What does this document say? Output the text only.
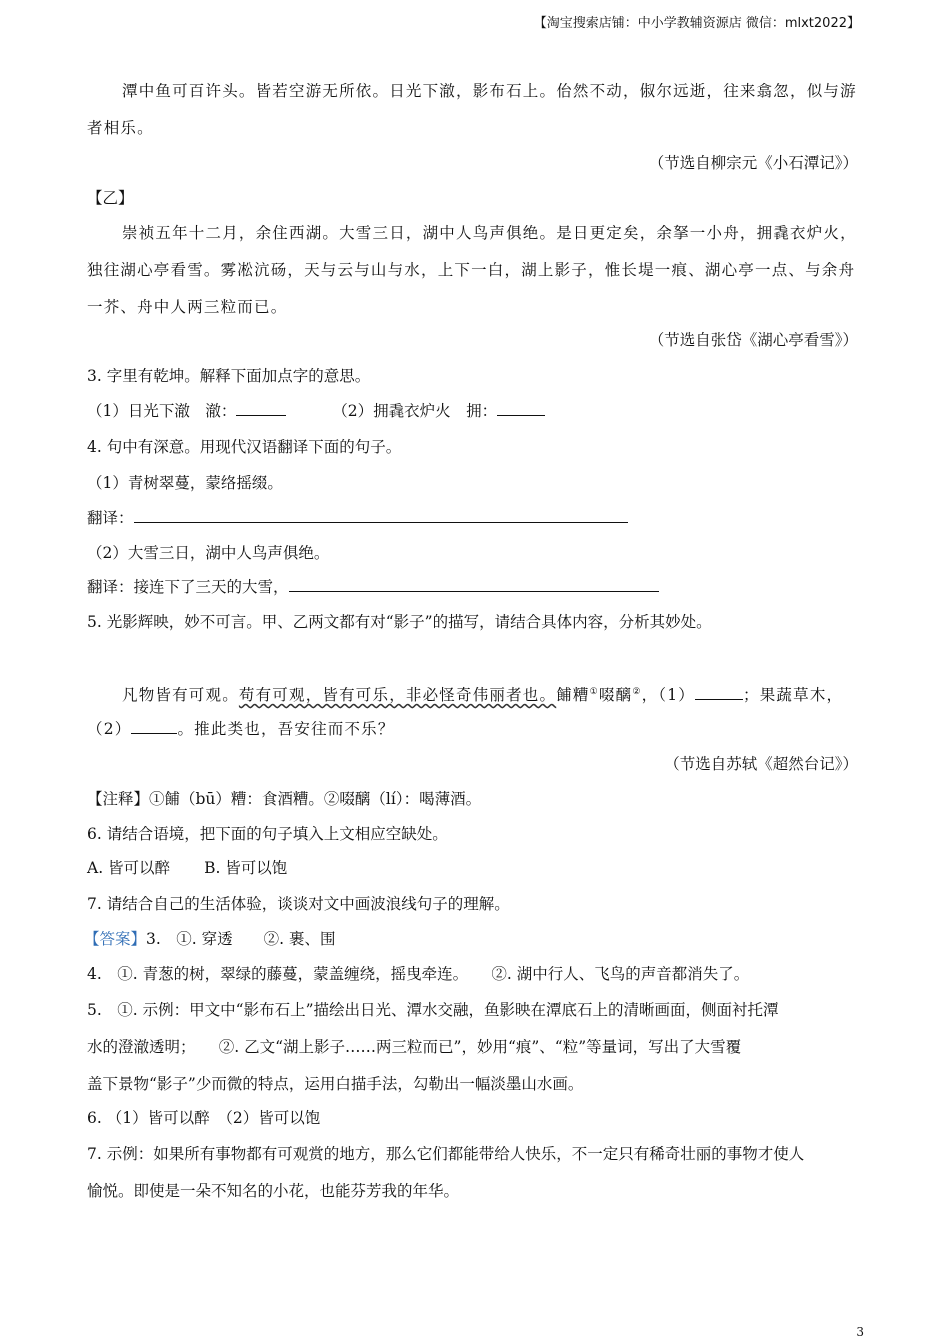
【淘宝搜索店铺：中小学教辅资源店 微信：mlxt2022】
潭中鱼可百许头。皆若空游无所依。日光下澈，影布石上。佁然不动，俶尔远逝，往来翕忽，似与游
者相乐。
（节选自柳宗元《小石潭记》）
【乙】
崇祯五年十二月，余住西湖。大雪三日，湖中人鸟声俱绝。是日更定矣，余拏一小舟，拥毳衣炉火，
独往湖心亭看雪。雾凇沆砀，天与云与山与水，上下一白，湖上影子，惟长堤一痕、湖心亭一点、与余舟
一芥、舟中人两三粒而已。
（节选自张岱《湖心亭看雪》）
3. 字里有乾坤。解释下面加点字的意思。
（1）日光下澈　澈：	（2）拥毳衣炉火　拥：
4. 句中有深意。用现代汉语翻译下面的句子。
（1）青树翠蔓，蒙络摇缀。
翻译：
（2）大雪三日，湖中人鸟声俱绝。
翻译：接连下了三天的大雪，
5. 光影辉映，妙不可言。甲、乙两文都有对“影子”的描写，请结合具体内容，分析其妙处。
凡物皆有可观。苟有可观，皆有可乐，非必怪奇伟丽者也。餔糟①啜醨②，（1）	；果蔬草木，
（2）	。推此类也，吾安往而不乐？
（节选自苏轼《超然台记》）
【注释】①餔（bū）糟：食酒糟。②啜醨（lí）：喝薄酒。
6. 请结合语境，把下面的句子填入上文相应空缺处。
A. 皆可以醉 B. 皆可以饱
7. 请结合自己的生活体验，谈谈对文中画波浪线句子的理解。
【答案】3.　①. 穿透　　②. 裹、围
4.　①. 青葱的树，翠绿的藤蔓，蒙盖缠绕，摇曳牵连。　　②. 湖中行人、飞鸟的声音都消失了。
5.　①. 示例：甲文中“影布石上”描绘出日光、潭水交融，鱼影映在潭底石上的清晰画面，侧面衬托潭
水的澄澈透明；　　②. 乙文“湖上影子……两三粒而已”，妙用“痕”、“粒”等量词，写出了大雪覆
盖下景物“影子”少而微的特点，运用白描手法，勾勒出一幅淡墨山水画。
6. （1）皆可以醉　（2）皆可以饱
7. 示例：如果所有事物都有可观赏的地方，那么它们都能带给人快乐，不一定只有稀奇壮丽的事物才使人
愉悦。即使是一朵不知名的小花，也能芬芳我的年华。
3
